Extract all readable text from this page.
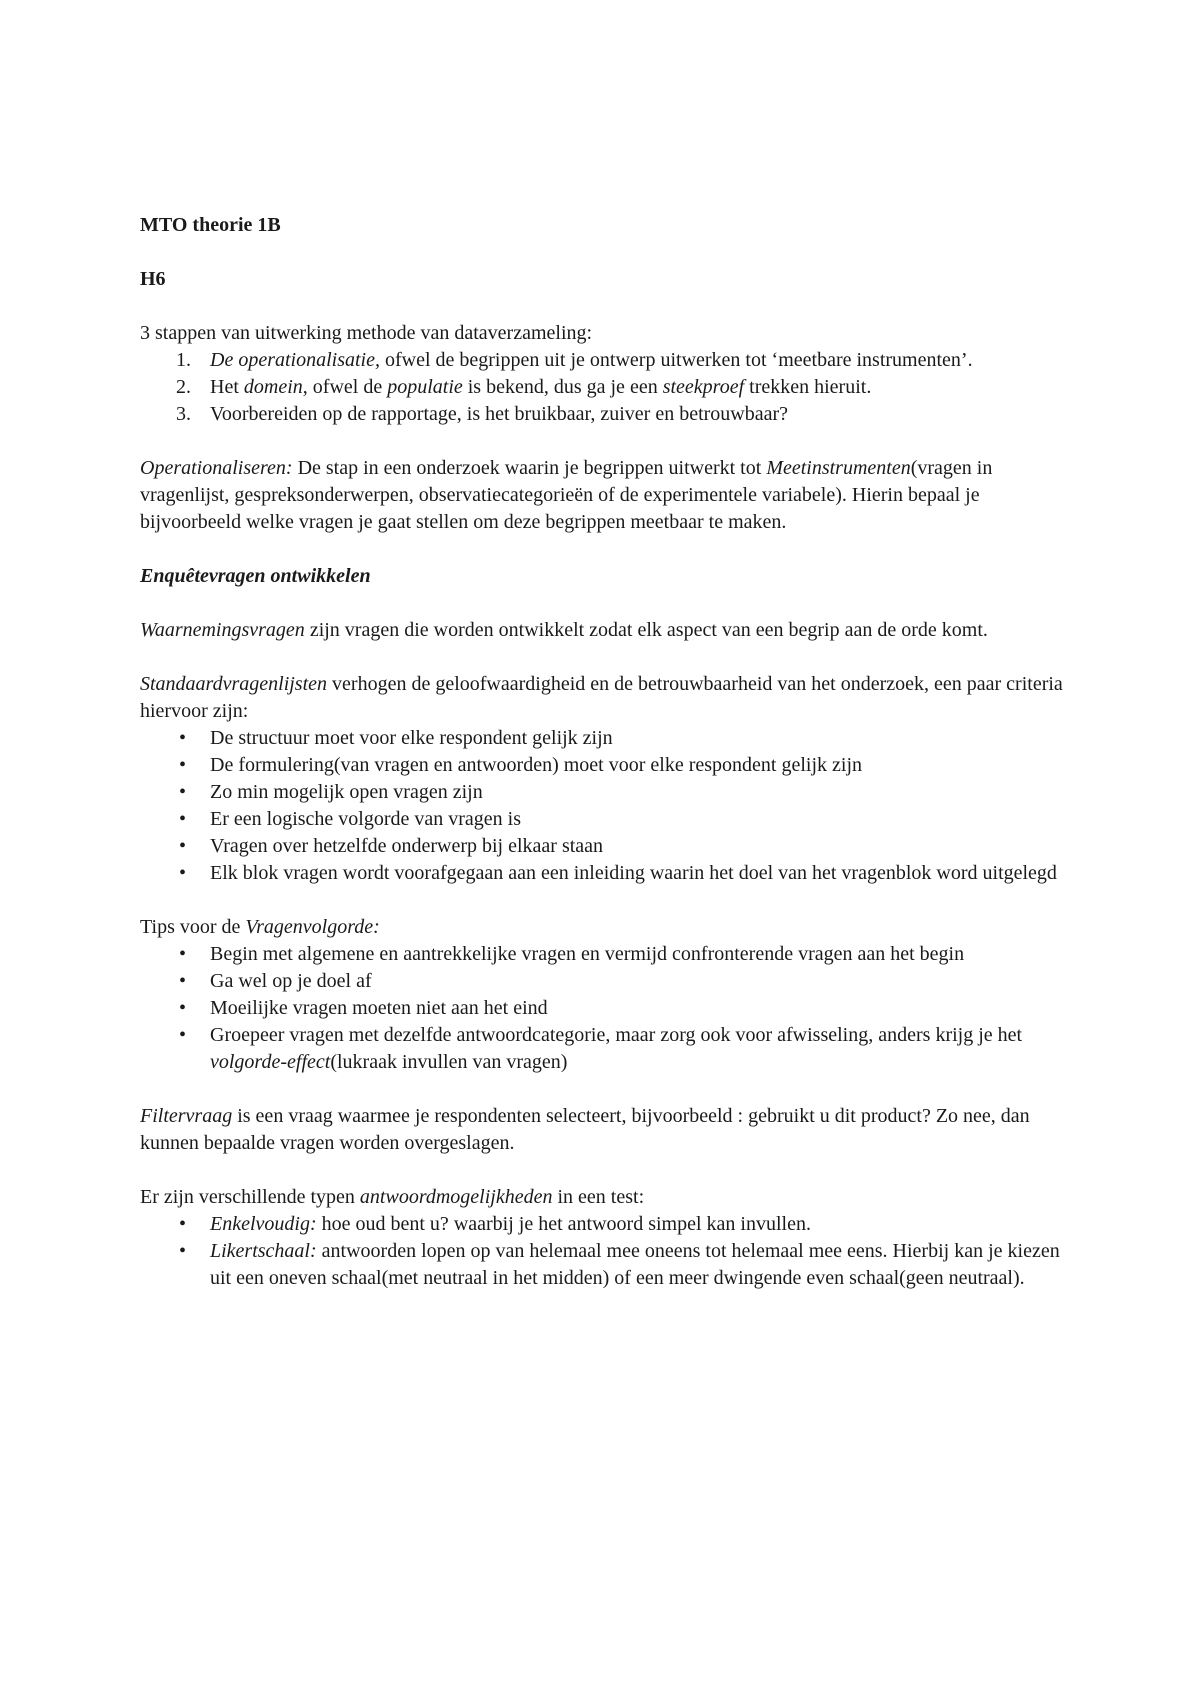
MTO theorie 1B

H6

3 stappen van uitwerking methode van dataverzameling:

1. De operationalisatie, ofwel de begrippen uit je ontwerp uitwerken tot ‘meetbare instrumenten’.
2. Het domein, ofwel de populatie is bekend, dus ga je een steekproef trekken hieruit.
3. Voorbereiden op de rapportage, is het bruikbaar, zuiver en betrouwbaar?

Operationaliseren: De stap in een onderzoek waarin je begrippen uitwerkt tot Meetinstrumenten(vragen in vragenlijst, gespreksonderwerpen, observatiecategorieën of de experimentele variabele). Hierin bepaal je bijvoorbeeld welke vragen je gaat stellen om deze begrippen meetbaar te maken.

Enquêtevragen ontwikkelen

Waarnemingsvragen zijn vragen die worden ontwikkelt zodat elk aspect van een begrip aan de orde komt.

Standaardvragenlijsten verhogen de geloofwaardigheid en de betrouwbaarheid van het onderzoek, een paar criteria hiervoor zijn:

• De structuur moet voor elke respondent gelijk zijn
• De formulering(van vragen en antwoorden) moet voor elke respondent gelijk zijn
• Zo min mogelijk open vragen zijn
• Er een logische volgorde van vragen is
• Vragen over hetzelfde onderwerp bij elkaar staan
• Elk blok vragen wordt voorafgegaan aan een inleiding waarin het doel van het vragenblok word uitgelegd

Tips voor de Vragenvolgorde:

• Begin met algemene en aantrekkelijke vragen en vermijd confronterende vragen aan het begin
• Ga wel op je doel af
• Moeilijke vragen moeten niet aan het eind
• Groepeer vragen met dezelfde antwoordcategorie, maar zorg ook voor afwisseling, anders krijg je het volgorde-effect(lukraak invullen van vragen)

Filtervraag is een vraag waarmee je respondenten selecteert, bijvoorbeeld : gebruikt u dit product? Zo nee, dan kunnen bepaalde vragen worden overgeslagen.

Er zijn verschillende typen antwoordmogelijkheden in een test:

• Enkelvoudig: hoe oud bent u? waarbij je het antwoord simpel kan invullen.
• Likertschaal: antwoorden lopen op van helemaal mee oneens tot helemaal mee eens. Hierbij kan je kiezen uit een oneven schaal(met neutraal in het midden) of een meer dwingende even schaal(geen neutraal).
